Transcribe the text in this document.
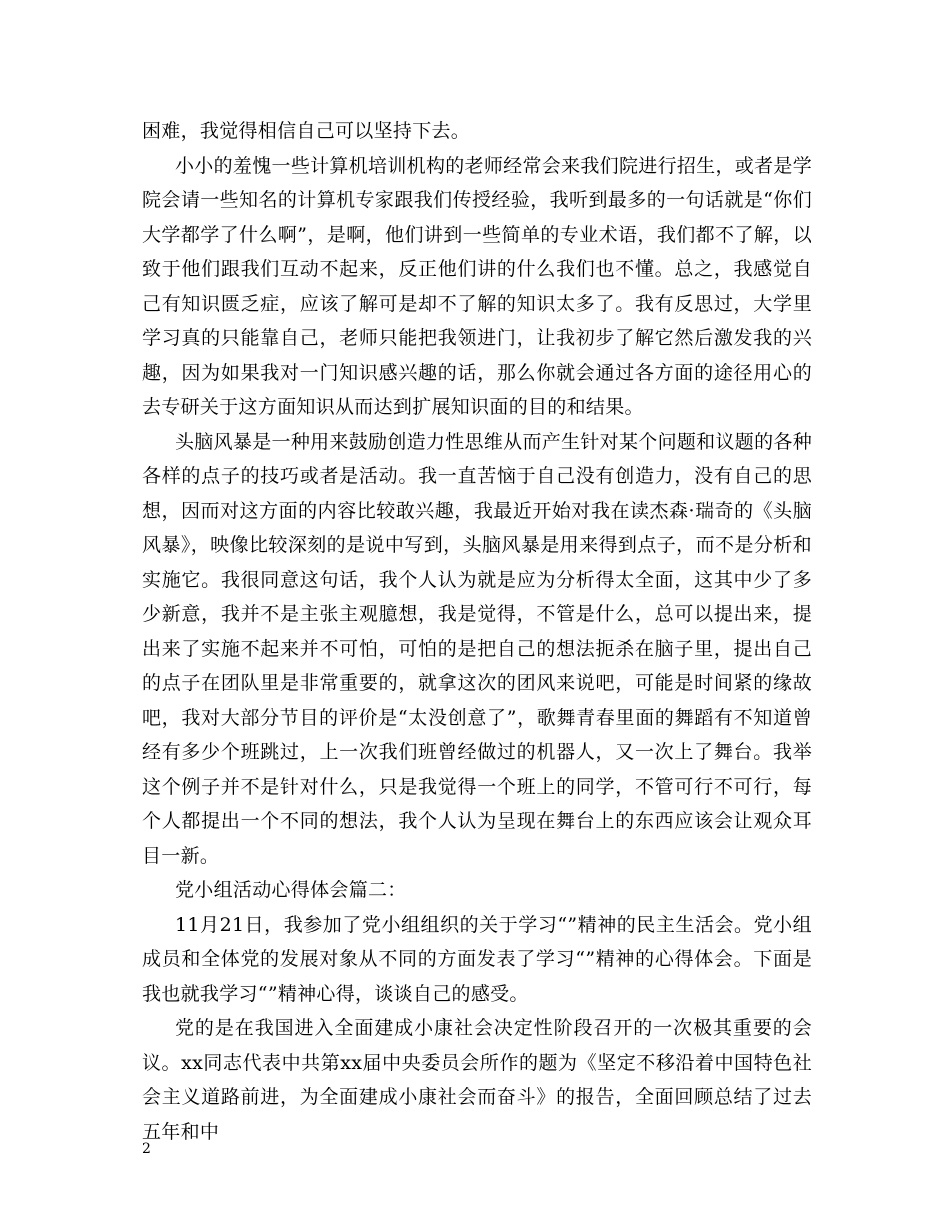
困难，我觉得相信自己可以坚持下去。

小小的羞愧一些计算机培训机构的老师经常会来我们院进行招生，或者是学院会请一些知名的计算机专家跟我们传授经验，我听到最多的一句话就是“你们大学都学了什么啊”，是啊，他们讲到一些简单的专业术语，我们都不了解，以致于他们跟我们互动不起来，反正他们讲的什么我们也不懂。总之，我感觉自己有知识匮乏症，应该了解可是却不了解的知识太多了。我有反思过，大学里学习真的只能靠自己，老师只能把我领进门，让我初步了解它然后激发我的兴趣，因为如果我对一门知识感兴趣的话，那么你就会通过各方面的途径用心的去专研关于这方面知识从而达到扩展知识面的目的和结果。

头脑风暴是一种用来鼓励创造力性思维从而产生针对某个问题和议题的各种各样的点子的技巧或者是活动。我一直苦恼于自己没有创造力，没有自己的思想，因而对这方面的内容比较敢兴趣，我最近开始对我在读杰森·瑞奇的《头脑风暴》，映像比较深刻的是说中写到，头脑风暴是用来得到点子，而不是分析和实施它。我很同意这句话，我个人认为就是应为分析得太全面，这其中少了多少新意，我并不是主张主观臆想，我是觉得，不管是什么，总可以提出来，提出来了实施不起来并不可怕，可怕的是把自己的想法扼杀在脑子里，提出自己的点子在团队里是非常重要的，就拿这次的团风来说吧，可能是时间紧的缘故吧，我对大部分节目的评价是“太没创意了”，歌舞青春里面的舞蹈有不知道曾经有多少个班跳过，上一次我们班曾经做过的机器人，又一次上了舞台。我举这个例子并不是针对什么，只是我觉得一个班上的同学，不管可行不可行，每个人都提出一个不同的想法，我个人认为呈现在舞台上的东西应该会让观众耳目一新。

党小组活动心得体会篇二：

11月21日，我参加了党小组组织的关于学习“”精神的民主生活会。党小组成员和全体党的发展对象从不同的方面发表了学习“”精神的心得体会。下面是我也就我学习“”精神心得，谈谈自己的感受。

党的是在我国进入全面建成小康社会决定性阶段召开的一次极其重要的会议。xx同志代表中共第xx届中央委员会所作的题为《坚定不移沿着中国特色社会主义道路前进，为全面建成小康社会而奋斗》的报告，全面回顾总结了过去五年和中

2
